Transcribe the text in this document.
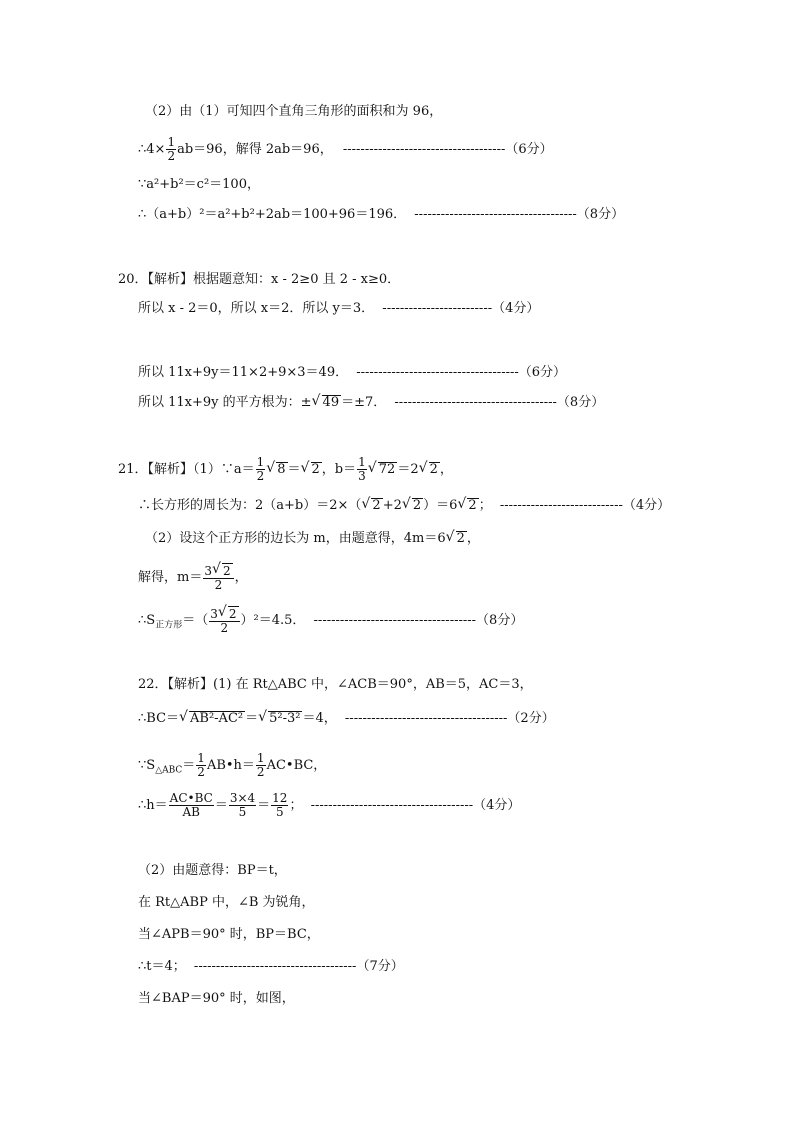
（2）由（1）可知四个直角三角形的面积和为 96，
∴4× $\frac{1}{2} ab=96$，解得 2ab＝96， -------------------------------------（6分）
∵a²+b²＝c²＝100，
∴（a+b）²＝a²+b²+2ab＝100+96＝196． -------------------------------------（8分）
20．【解析】根据题意知：x - 2≥0 且 2 - x≥0．
所以 x - 2＝0，所以 x＝2．所以 y＝3． -------------------------（4分）
所以 11x+9y＝11×2+9×3＝49． -------------------------------------（6分）
所以 11x+9y 的平方根为：± √ 49 ＝±7． -------------------------------------（8分）
21．【解析】（1）∵a＝ $\frac{1}{2}$ √ 8 ＝ √ 2 ，$b= \frac{1}{3}$ √ 72 ＝2 √ 2 ，
∴长方形的周长为：2（a+b）＝2×（ √ 2 +2 √ 2 ）＝6 √ 2 ； ----------------------------（4分）
（2）设这个正方形的边长为 m，由题意得，4m＝6 √ 2 ，
解得，$m= \frac{3 √ 2}{2}$ ，
$\therefore S_{正方形}=( \frac{3 √ 2}{2} )^2=4.5$． -------------------------------------（8分）
22．【解析】(1) 在 Rt△ABC 中，∠ACB＝90°，AB＝5，AC＝3，
∴BC＝ √ AB²-AC² ＝ √ 5²-3² ＝4， -------------------------------------（2分）
$\because S_{\triangle ABC}= \frac{1}{2}$ AB•h＝ $\frac{1}{2}$ AC•BC，
∴h＝ $\frac{AC•BC}{AB} = \frac{3\times 4}{5} = \frac{12}{5}$ ； -------------------------------------（4分）
（2）由题意得：BP＝t，
在 Rt△ABP 中，∠B 为锐角，
当∠APB＝90° 时，BP＝BC，
∴t＝4； -------------------------------------（7分）
当∠BAP＝90° 时，如图，
